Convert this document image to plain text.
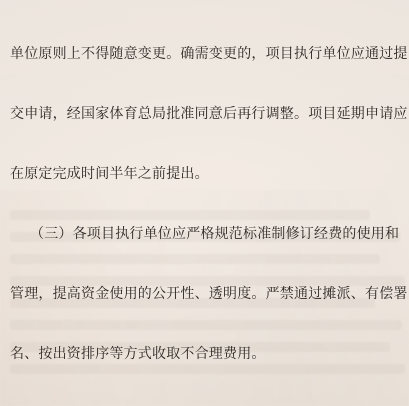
单位原则上不得随意变更。确需变更的，项目执行单位应通过提

交申请，经国家体育总局批准同意后再行调整。项目延期申请应

在原定完成时间半年之前提出。

（三）各项目执行单位应严格规范标准制修订经费的使用和

管理，提高资金使用的公开性、透明度。严禁通过摊派、有偿署

名、按出资排序等方式收取不合理费用。
